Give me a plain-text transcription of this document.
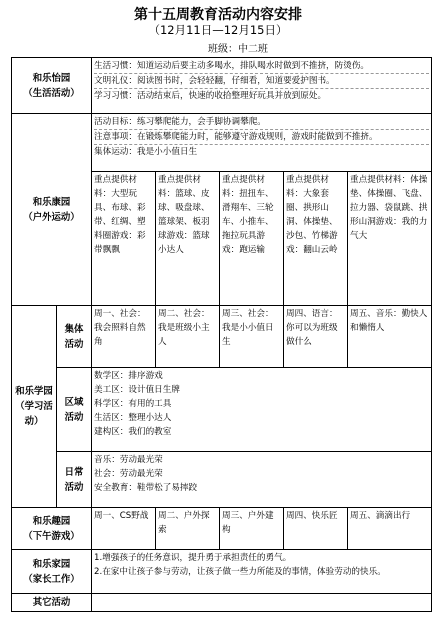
第十五周教育活动内容安排
（12月11日—12月15日）
班级：中二班
和乐怡园
（生活活动）		生活习惯：知道运动后要主动多喝水，排队喝水时做到不推挤，防烫伤。
文明礼仪：阅读图书时，会轻轻翻，仔细看，知道要爱护图书。
学习习惯：活动结束后，快速的收拾整理好玩具并放到原处。				

和乐康园
（户外运动）		活动目标：练习攀爬能力，会手脚协调攀爬。
注意事项：在锻炼攀爬能力时，能够遵守游戏规则，游戏时能做到不推挤。
集体运动：我是小小值日生				

		重点提供材料：大型玩具、布球、彩带、红绸、塑料圈游戏：彩带飘飘	重点提供材料：篮球、皮球、吸盘球、篮球架、板羽球游戏：篮球小达人	重点提供材料：扭扭车、滑翔车、三轮车、小推车、拖拉玩具游戏：跑运输	重点提供材料：大象套圈、拱形山洞、体操垫、沙包、竹梯游戏：翻山云岭	重点提供材料：体操垫、体操圈、飞盘、拉力器、袋鼠跳、拱形山洞游戏：我的力气大

和乐学园
（学习活动）	集体
活动	周一、社会：我会照料自然角	周二、社会：我是班级小主人	周三、社会：我是小小值日生	周四、语言：你可以为班级做什么	周五、音乐：勤快人和懒惰人

	区域
活动	数学区：排序游戏
美工区：设计值日生牌
科学区：有用的工具
生活区：整理小达人
建构区：我们的教室				

	日常
活动	音乐：劳动最光荣
社会：劳动最光荣
安全教育：鞋带松了易摔跤				

和乐趣园
（下午游戏）		周一、CS野战	周二、户外探索	周三、户外建构	周四、快乐匠	周五、滴滴出行

和乐家园
（家长工作）		1.增强孩子的任务意识，提升勇于承担责任的勇气。
2.在家中让孩子参与劳动，让孩子做一些力所能及的事情，体验劳动的快乐。				

其它活动						
